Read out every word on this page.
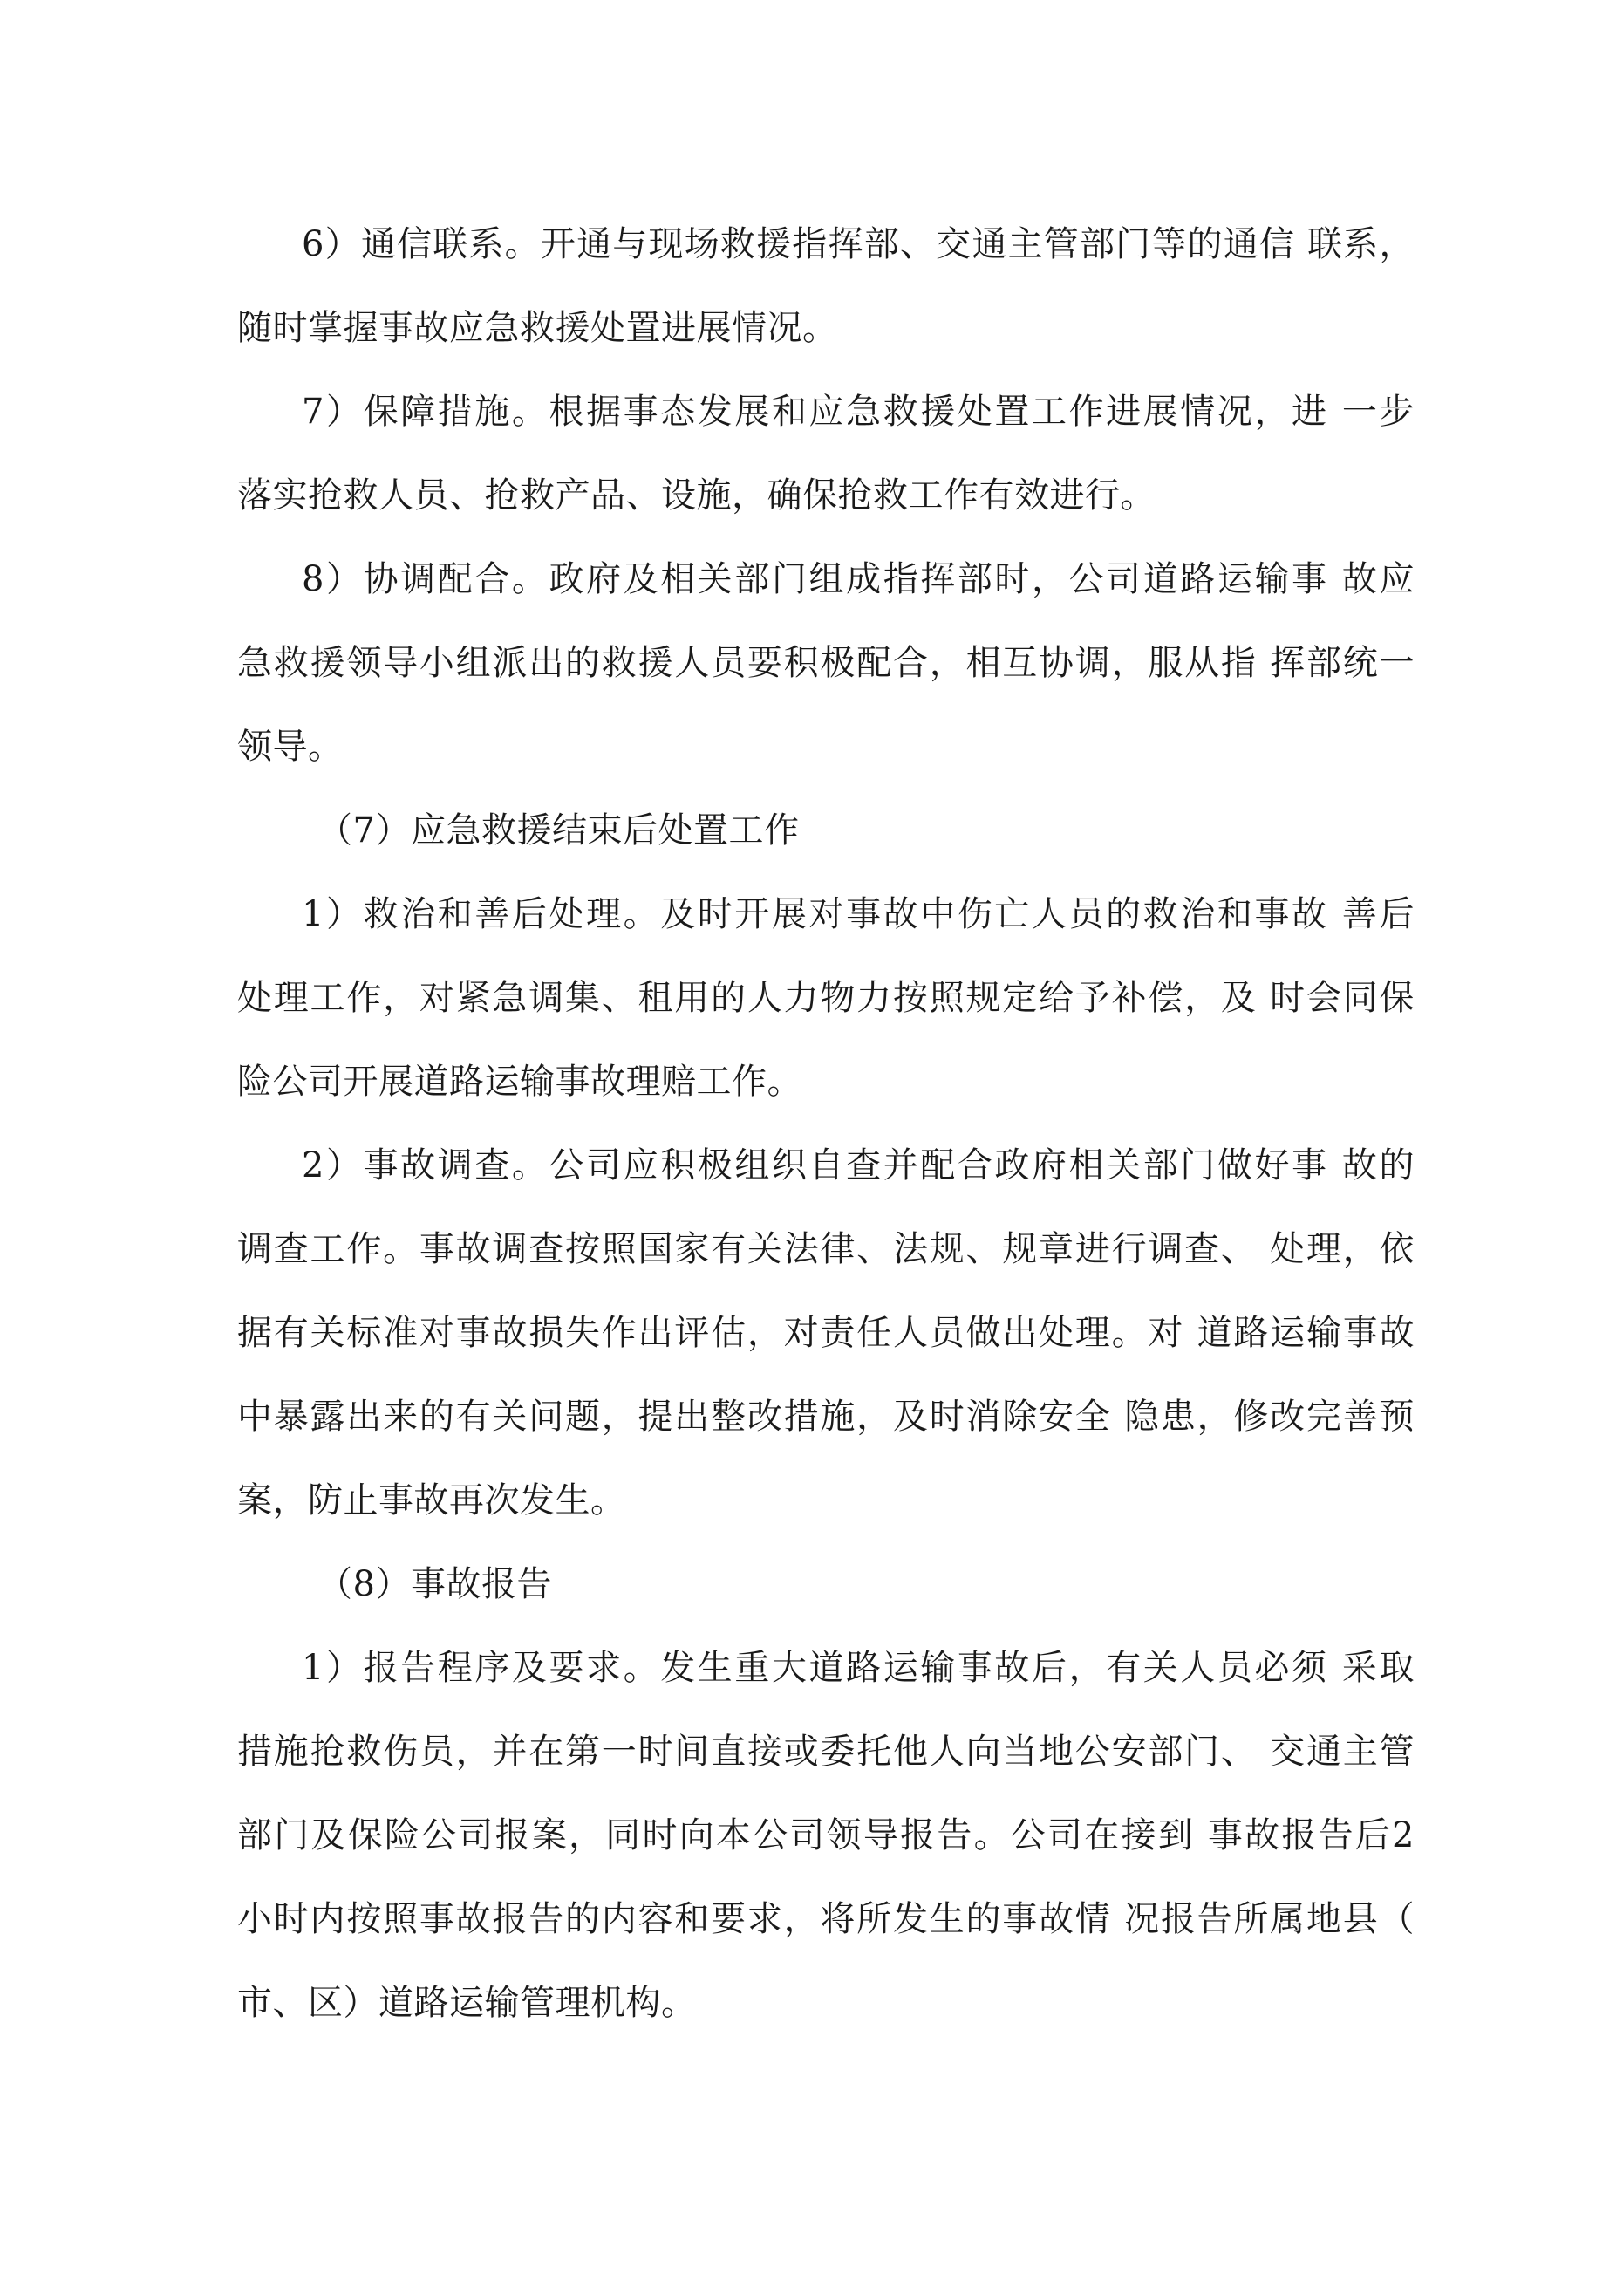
6）通信联系。开通与现场救援指挥部、交通主管部门等的通信 联系，
随时掌握事故应急救援处置进展情况。
7）保障措施。根据事态发展和应急救援处置工作进展情况，进 一步
落实抢救人员、抢救产品、设施，确保抢救工作有效进行。
8）协调配合。政府及相关部门组成指挥部时，公司道路运输事 故应
急救援领导小组派出的救援人员要积极配合，相互协调，服从指 挥部统一
领导。
（7）应急救援结束后处置工作
1）救治和善后处理。及时开展对事故中伤亡人员的救治和事故 善后
处理工作，对紧急调集、租用的人力物力按照规定给予补偿，及 时会同保
险公司开展道路运输事故理赔工作。
2）事故调查。公司应积极组织自查并配合政府相关部门做好事 故的
调查工作。事故调查按照国家有关法律、法规、规章进行调查、 处理，依
据有关标准对事故损失作出评估，对责任人员做出处理。对 道路运输事故
中暴露出来的有关问题，提出整改措施，及时消除安全 隐患，修改完善预
案，防止事故再次发生。
（8）事故报告
1）报告程序及要求。发生重大道路运输事故后，有关人员必须 采取
措施抢救伤员，并在第一时间直接或委托他人向当地公安部门、 交通主管
部门及保险公司报案，同时向本公司领导报告。公司在接到 事故报告后2
小时内按照事故报告的内容和要求，将所发生的事故情 况报告所属地县（
市、区）道路运输管理机构。
